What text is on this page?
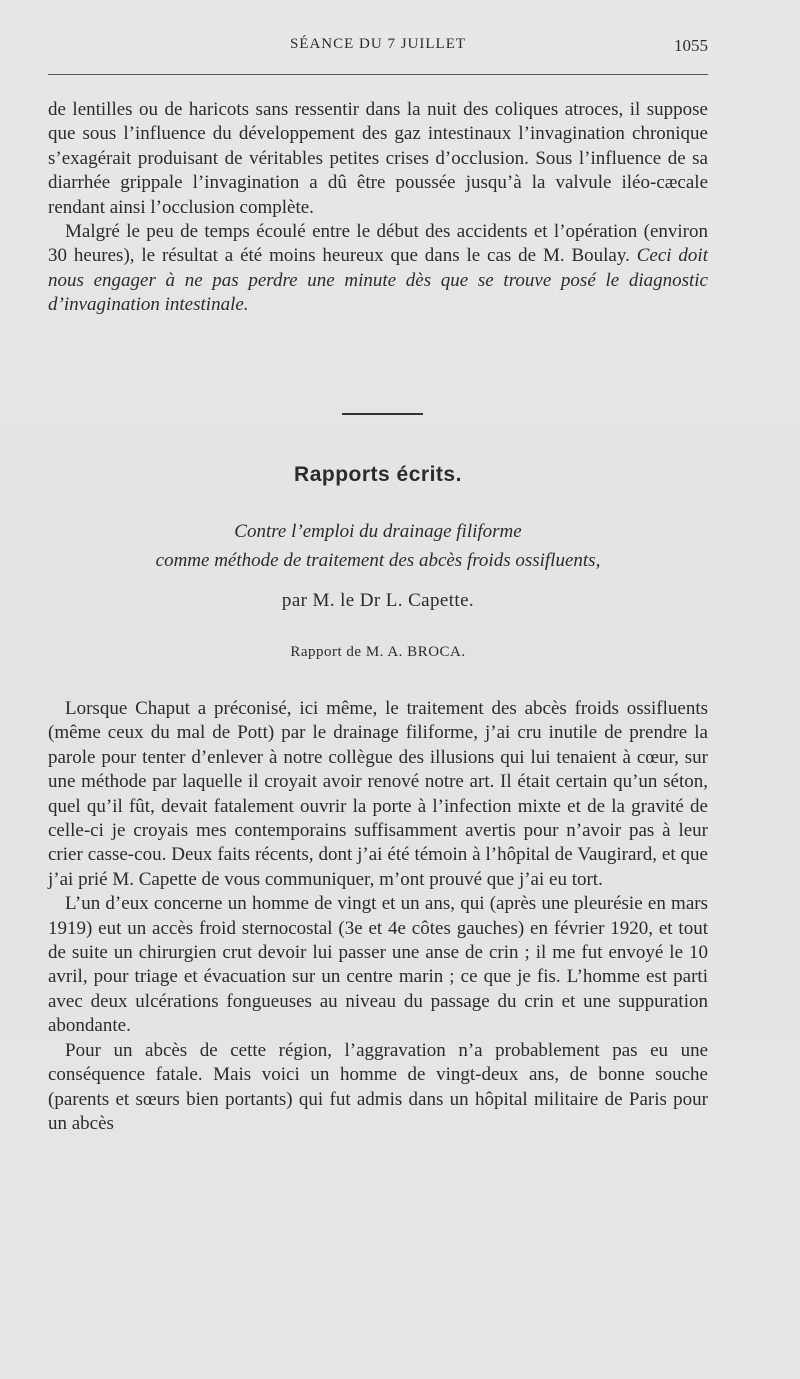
SÉANCE DU 7 JUILLET	1055

de lentilles ou de haricots sans ressentir dans la nuit des coliques atroces, il suppose que sous l’influence du développement des gaz intestinaux l’invagination chronique s’exagérait produisant de véritables petites crises d’occlusion. Sous l’influence de sa diarrhée grippale l’invagination a dû être poussée jusqu’à la valvule iléo-cæcale rendant ainsi l’occlusion complète.

Malgré le peu de temps écoulé entre le début des accidents et l’opération (environ 30 heures), le résultat a été moins heureux que dans le cas de M. Boulay. Ceci doit nous engager à ne pas perdre une minute dès que se trouve posé le diagnostic d’invagination intestinale.

Rapports écrits.
Contre l’emploi du drainage filiforme
comme méthode de traitement des abcès froids ossifluents,
par M. le Dr L. Capette.
Rapport de M. A. BROCA.

Lorsque Chaput a préconisé, ici même, le traitement des abcès froids ossifluents (même ceux du mal de Pott) par le drainage filiforme, j’ai cru inutile de prendre la parole pour tenter d’enlever à notre collègue des illusions qui lui tenaient à cœur, sur une méthode par laquelle il croyait avoir renové notre art. Il était certain qu’un séton, quel qu’il fût, devait fatalement ouvrir la porte à l’infection mixte et de la gravité de celle-ci je croyais mes contemporains suffisamment avertis pour n’avoir pas à leur crier casse-cou. Deux faits récents, dont j’ai été témoin à l’hôpital de Vaugirard, et que j’ai prié M. Capette de vous communiquer, m’ont prouvé que j’ai eu tort.

L’un d’eux concerne un homme de vingt et un ans, qui (après une pleurésie en mars 1919) eut un accès froid sternocostal (3e et 4e côtes gauches) en février 1920, et tout de suite un chirurgien crut devoir lui passer une anse de crin ; il me fut envoyé le 10 avril, pour triage et évacuation sur un centre marin ; ce que je fis. L’homme est parti avec deux ulcérations fongueuses au niveau du passage du crin et une suppuration abondante.

Pour un abcès de cette région, l’aggravation n’a probablement pas eu une conséquence fatale. Mais voici un homme de vingt-deux ans, de bonne souche (parents et sœurs bien portants) qui fut admis dans un hôpital militaire de Paris pour un abcès
